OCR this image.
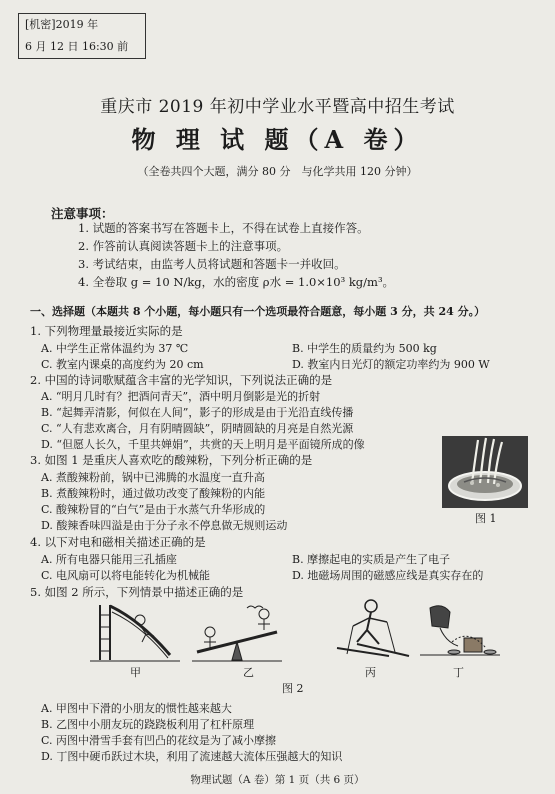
[机密]2019 年
6 月 12 日 16:30 前
重庆市 2019 年初中学业水平暨高中招生考试
物 理 试 题（A 卷）
（全卷共四个大题，满分 80 分　与化学共用 120 分钟）
注意事项：
1. 试题的答案书写在答题卡上，不得在试卷上直接作答。
2. 作答前认真阅读答题卡上的注意事项。
3. 考试结束，由监考人员将试题和答题卡一并收回。
4. 全卷取 g = 10 N/kg，水的密度 ρ水 = 1.0×10³ kg/m³。
一、选择题（本题共 8 个小题，每小题只有一个选项最符合题意，每小题 3 分，共 24 分。）
1. 下列物理量最接近实际的是
A. 中学生正常体温约为 37 ℃	B. 中学生的质量约为 500 kg
C. 教室内课桌的高度约为 20 cm	D. 教室内日光灯的额定功率约为 900 W
2. 中国的诗词歌赋蕴含丰富的光学知识，下列说法正确的是
A. “明月几时有？把酒问青天”，酒中明月倒影是光的折射
B. “起舞弄清影，何似在人间”，影子的形成是由于光沿直线传播
C. “人有悲欢离合，月有阴晴圆缺”，阴晴圆缺的月亮是自然光源
D. “但愿人长久，千里共婵娟”，共赏的天上明月是平面镜所成的像
3. 如图 1 是重庆人喜欢吃的酸辣粉，下列分析正确的是
A. 煮酸辣粉前，锅中已沸腾的水温度一直升高
B. 煮酸辣粉时，通过做功改变了酸辣粉的内能
C. 酸辣粉冒的“白气”是由于水蒸气升华形成的
D. 酸辣香味四溢是由于分子永不停息做无规则运动
图 1
4. 以下对电和磁相关描述正确的是
A. 所有电器只能用三孔插座	B. 摩擦起电的实质是产生了电子
C. 电风扇可以将电能转化为机械能	D. 地磁场周围的磁感应线是真实存在的
5. 如图 2 所示，下列情景中描述正确的是
甲	乙	丙	丁
图 2
A. 甲图中下滑的小朋友的惯性越来越大
B. 乙图中小朋友玩的跷跷板利用了杠杆原理
C. 丙图中滑雪手套有凹凸的花纹是为了减小摩擦
D. 丁图中硬币跃过木块，利用了流速越大流体压强越大的知识
物理试题（A 卷）第 1 页（共 6 页）
